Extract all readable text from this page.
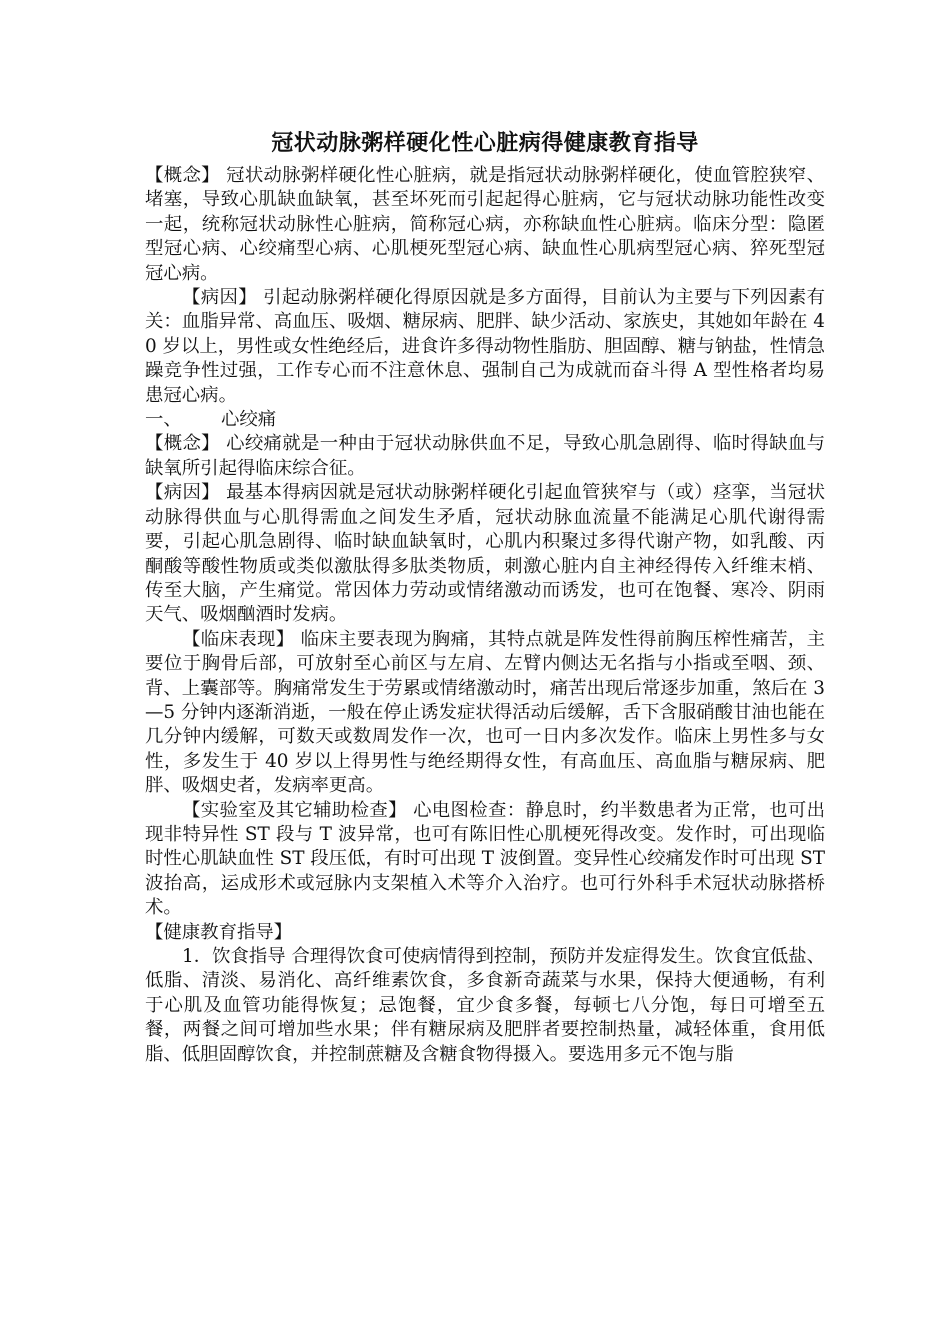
冠状动脉粥样硬化性心脏病得健康教育指导

【概念】 冠状动脉粥样硬化性心脏病，就是指冠状动脉粥样硬化，使血管腔狭窄、堵塞，导致心肌缺血缺氧，甚至坏死而引起起得心脏病，它与冠状动脉功能性改变一起，统称冠状动脉性心脏病，简称冠心病，亦称缺血性心脏病。临床分型：隐匿型冠心病、心绞痛型心病、心肌梗死型冠心病、缺血性心肌病型冠心病、猝死型冠冠心病。

【病因】 引起动脉粥样硬化得原因就是多方面得，目前认为主要与下列因素有关：血脂异常、高血压、吸烟、糖尿病、肥胖、缺少活动、家族史，其她如年龄在 40 岁以上，男性或女性绝经后，进食许多得动物性脂肪、胆固醇、糖与钠盐，性情急躁竞争性过强，工作专心而不注意休息、强制自己为成就而奋斗得 A 型性格者均易患冠心病。

一、 心绞痛

【概念】 心绞痛就是一种由于冠状动脉供血不足，导致心肌急剧得、临时得缺血与缺氧所引起得临床综合征。

【病因】 最基本得病因就是冠状动脉粥样硬化引起血管狭窄与（或）痉挛，当冠状动脉得供血与心肌得需血之间发生矛盾，冠状动脉血流量不能满足心肌代谢得需要，引起心肌急剧得、临时缺血缺氧时，心肌内积聚过多得代谢产物，如乳酸、丙酮酸等酸性物质或类似激肽得多肽类物质，刺激心脏内自主神经得传入纤维末梢、传至大脑，产生痛觉。常因体力劳动或情绪激动而诱发，也可在饱餐、寒冷、阴雨天气、吸烟酗酒时发病。

【临床表现】 临床主要表现为胸痛，其特点就是阵发性得前胸压榨性痛苦，主要位于胸骨后部，可放射至心前区与左肩、左臂内侧达无名指与小指或至咽、颈、背、上囊部等。胸痛常发生于劳累或情绪激动时，痛苦出现后常逐步加重，煞后在 3—5 分钟内逐渐消逝，一般在停止诱发症状得活动后缓解，舌下含服硝酸甘油也能在几分钟内缓解，可数天或数周发作一次，也可一日内多次发作。临床上男性多与女性，多发生于 40 岁以上得男性与绝经期得女性，有高血压、高血脂与糖尿病、肥胖、吸烟史者，发病率更高。

【实验室及其它辅助检查】 心电图检查：静息时，约半数患者为正常，也可出现非特异性 ST 段与 T 波异常，也可有陈旧性心肌梗死得改变。发作时，可出现临时性心肌缺血性 ST 段压低，有时可出现 T 波倒置。变异性心绞痛发作时可出现 ST 波抬高，运成形术或冠脉内支架植入术等介入治疗。也可行外科手术冠状动脉搭桥术。

【健康教育指导】

1．饮食指导 合理得饮食可使病情得到控制，预防并发症得发生。饮食宜低盐、低脂、清淡、易消化、高纤维素饮食，多食新奇蔬菜与水果，保持大便通畅，有利于心肌及血管功能得恢复；忌饱餐，宜少食多餐，每顿七八分饱，每日可增至五餐，两餐之间可增加些水果；伴有糖尿病及肥胖者要控制热量，减轻体重，食用低脂、低胆固醇饮食，并控制蔗糖及含糖食物得摄入。要选用多元不饱与脂
